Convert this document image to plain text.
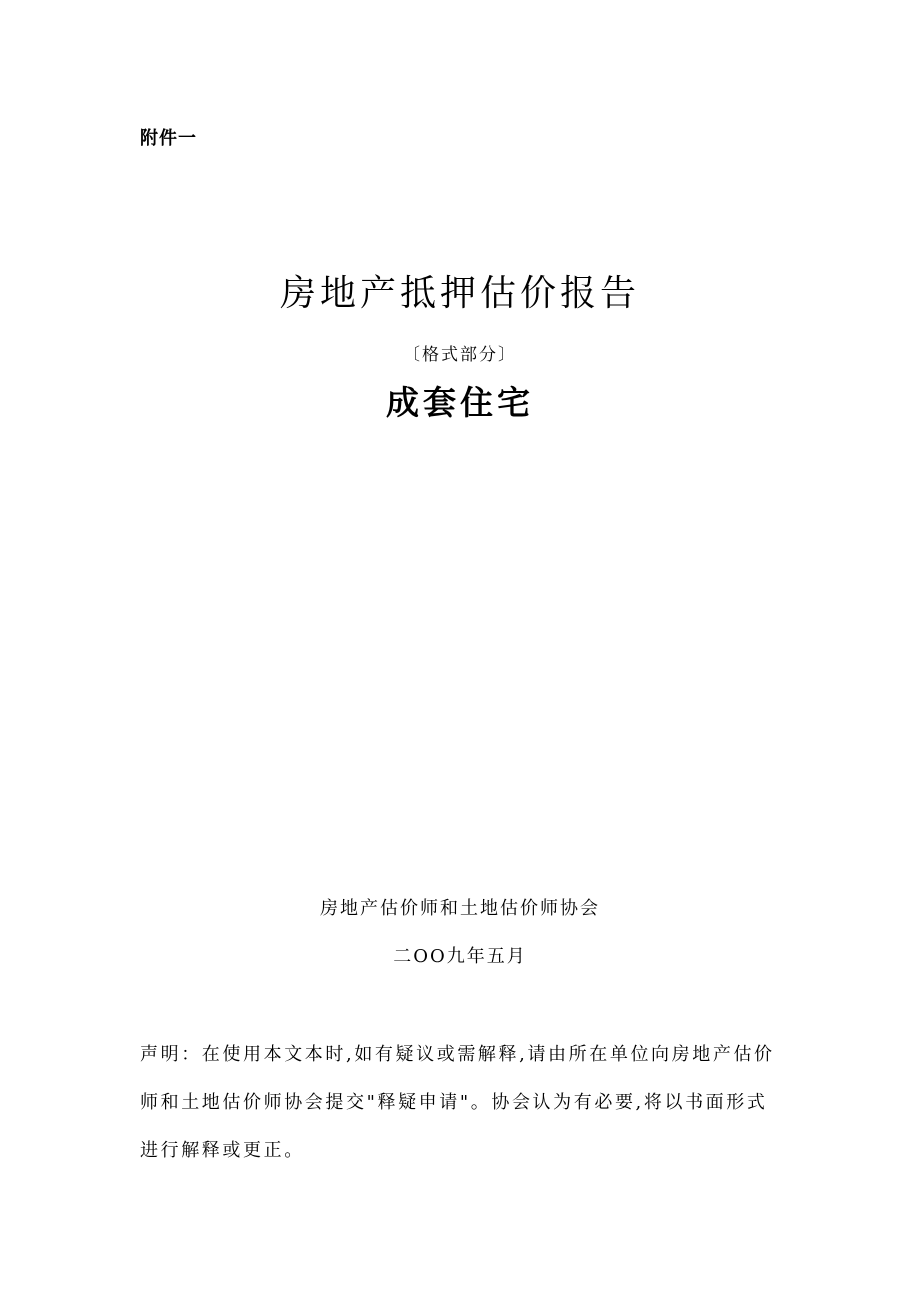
附件一

房地产抵押估价报告

〔格式部分〕

成套住宅

房地产估价师和土地估价师协会

二OO九年五月

声明：在使用本文本时,如有疑议或需解释,请由所在单位向房地产估价师和土地估价师协会提交"释疑申请"。协会认为有必要,将以书面形式进行解释或更正。
